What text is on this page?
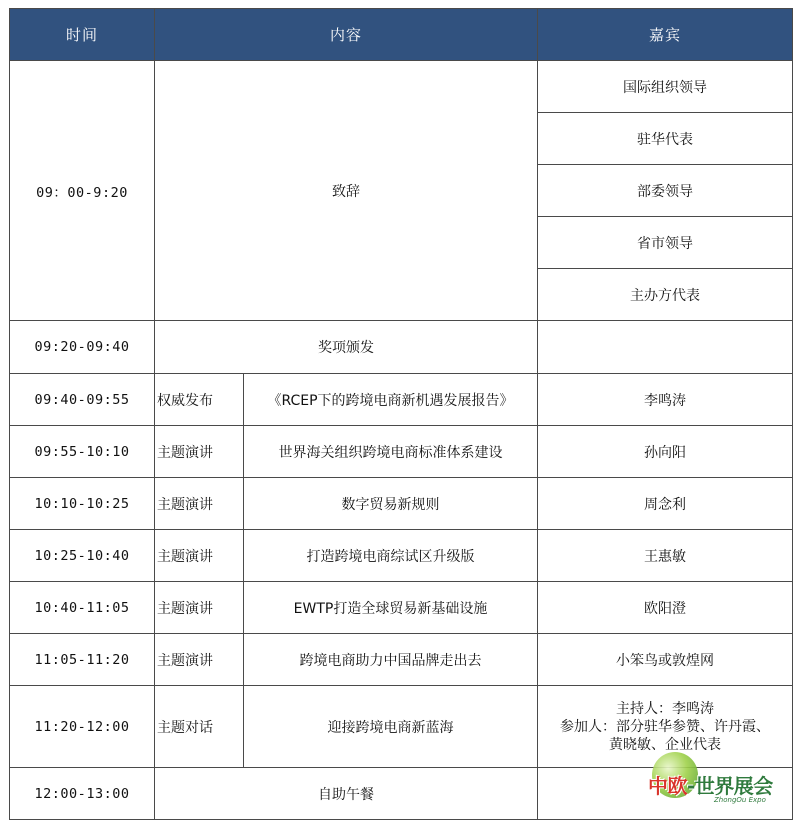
时间	内容		嘉宾
09：00-9:20	致辞		国际组织领导
			驻华代表
			部委领导
			省市领导
			主办方代表
09:20-09:40	奖项颁发		
09:40-09:55	权威发布	《RCEP下的跨境电商新机遇发展报告》	李鸣涛
09:55-10:10	主题演讲	世界海关组织跨境电商标准体系建设	孙向阳
10:10-10:25	主题演讲	数字贸易新规则	周念利
10:25-10:40	主题演讲	打造跨境电商综试区升级版	王惠敏
10:40-11:05	主题演讲	EWTP打造全球贸易新基础设施	欧阳澄
11:05-11:20	主题演讲	跨境电商助力中国品牌走出去	小笨鸟或敦煌网
11:20-12:00	主题对话	迎接跨境电商新蓝海	主持人：李鸣涛
参加人：部分驻华参赞、许丹霞、
黄晓敏、企业代表

12:00-13:00	自助午餐			中欧-世界展会
ZhongOu Expo
